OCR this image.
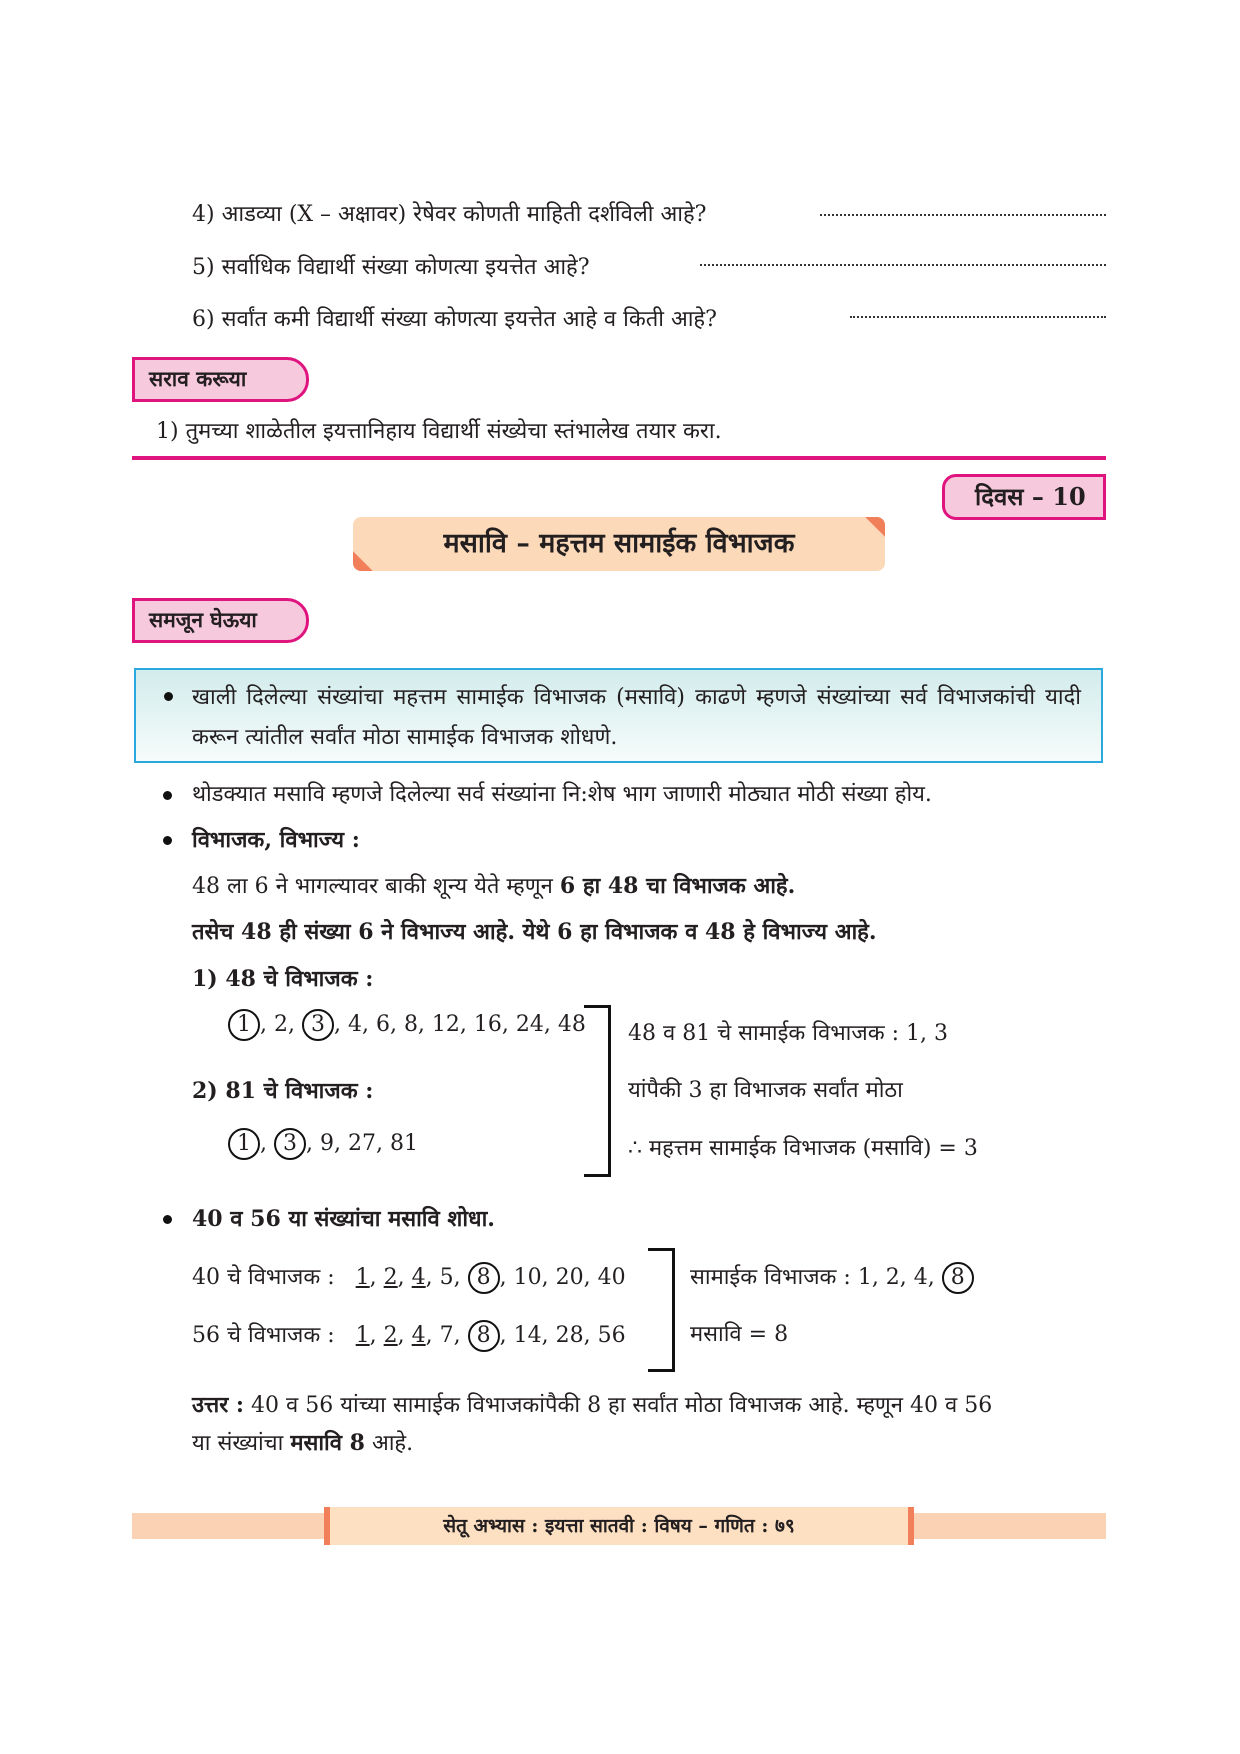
4) आडव्या (X – अक्षावर) रेषेवर कोणती माहिती दर्शविली आहे?
5) सर्वाधिक विद्यार्थी संख्या कोणत्या इयत्तेत आहे?
6) सर्वांत कमी विद्यार्थी संख्या कोणत्या इयत्तेत आहे व किती आहे?
सराव करूया
1) तुमच्या शाळेतील इयत्तानिहाय विद्यार्थी संख्येचा स्तंभालेख तयार करा.
दिवस – 10
मसावि – महत्तम सामाईक विभाजक
समजून घेऊया
खाली दिलेल्या संख्यांचा महत्तम सामाईक विभाजक (मसावि) काढणे म्हणजे संख्यांच्या सर्व विभाजकांची यादी करून त्यांतील सर्वांत मोठा सामाईक विभाजक शोधणे.
थोडक्यात मसावि म्हणजे दिलेल्या सर्व संख्यांना नि:शेष भाग जाणारी मोठ्यात मोठी संख्या होय.
विभाजक, विभाज्य :
48 ला 6 ने भागल्यावर बाकी शून्य येते म्हणून 6 हा 48 चा विभाजक आहे.
तसेच 48 ही संख्या 6 ने विभाज्य आहे. येथे 6 हा विभाजक व 48 हे विभाज्य आहे.
1) 48 चे विभाजक :
1 , 2, 3 , 4, 6, 8, 12, 16, 24, 48
2) 81 चे विभाजक :
1 , 3 , 9, 27, 81
48 व 81 चे सामाईक विभाजक : 1, 3
यांपैकी 3 हा विभाजक सर्वांत मोठा
∴ महत्तम सामाईक विभाजक (मसावि) = 3
40 व 56 या संख्यांचा मसावि शोधा.
40 चे विभाजक : 1, 2, 4, 5, 8 , 10, 20, 40
56 चे विभाजक : 1, 2, 4, 7, 8 , 14, 28, 56
सामाईक विभाजक : 1, 2, 4, 8
मसावि = 8
उत्तर : 40 व 56 यांच्या सामाईक विभाजकांपैकी 8 हा सर्वांत मोठा विभाजक आहे. म्हणून 40 व 56
या संख्यांचा मसावि 8 आहे.
सेतू अभ्यास : इयत्ता सातवी : विषय – गणित : ७९
